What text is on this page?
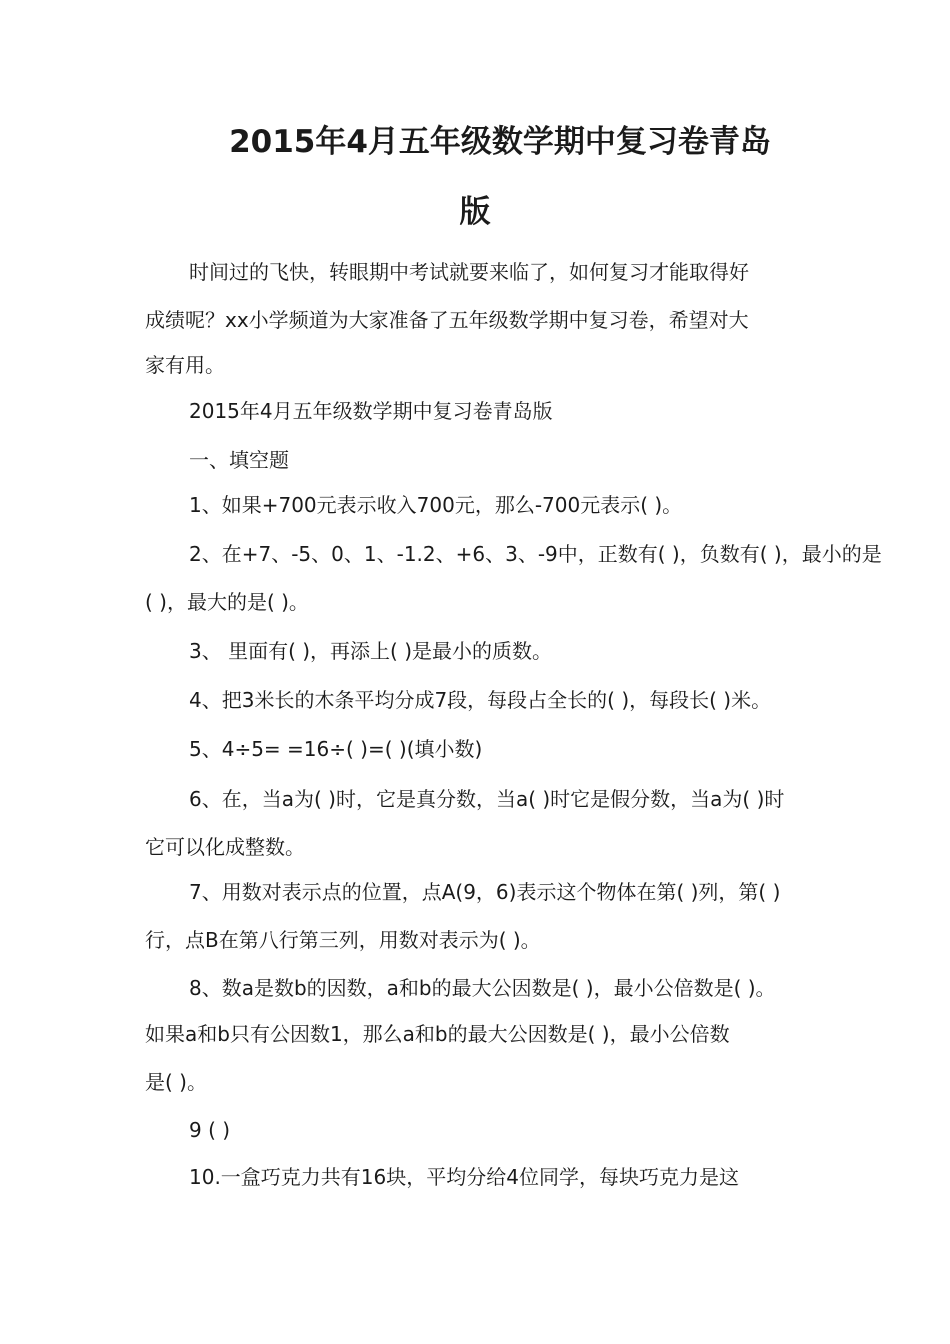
2015年4月五年级数学期中复习卷青岛

版

时间过的飞快，转眼期中考试就要来临了，如何复习才能取得好

成绩呢？xx小学频道为大家准备了五年级数学期中复习卷，希望对大

家有用。

2015年4月五年级数学期中复习卷青岛版

一、填空题

1、如果+700元表示收入700元，那么-700元表示( )。

2、在+7、-5、0、1、-1.2、+6、3、-9中，正数有( )，负数有( )，最小的是

( )，最大的是( )。

3、 里面有( )，再添上( )是最小的质数。

4、把3米长的木条平均分成7段，每段占全长的( )，每段长( )米。

5、4÷5= =16÷( )=( )(填小数)

6、在，当a为( )时，它是真分数，当a( )时它是假分数，当a为( )时

它可以化成整数。

7、用数对表示点的位置，点A(9，6)表示这个物体在第( )列，第( )

行，点B在第八行第三列，用数对表示为( )。

8、数a是数b的因数，a和b的最大公因数是( )，最小公倍数是( )。

如果a和b只有公因数1，那么a和b的最大公因数是( )，最小公倍数

是( )。

9 ( )

10.一盒巧克力共有16块，平均分给4位同学，每块巧克力是这
